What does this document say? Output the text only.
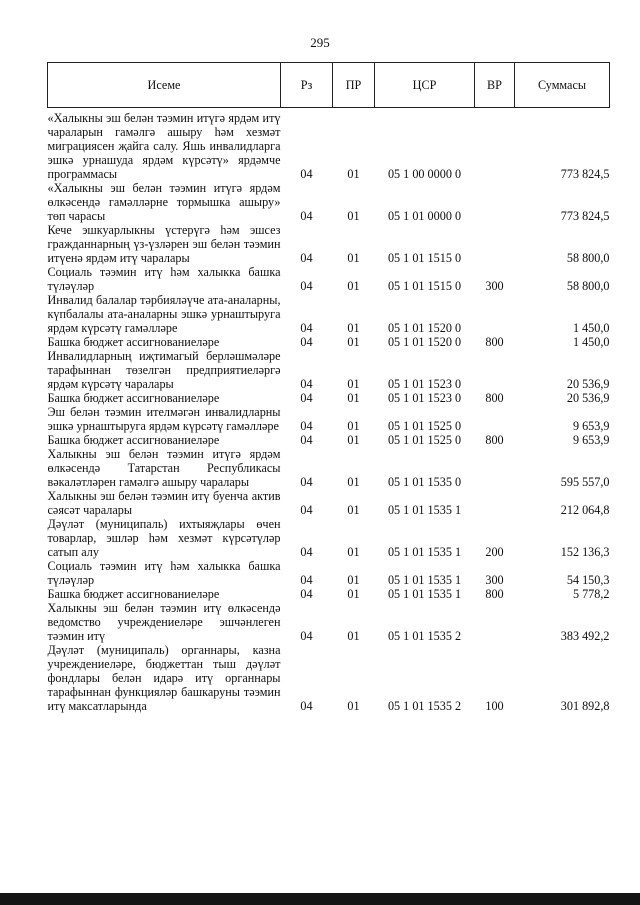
295
Исеме	Рз	ПР	ЦСР	ВР	Суммасы
«Халыкны эш белән тәэмин итүгә ярдәм итү чараларын гамәлгә ашыру һәм хезмәт миграциясен җайга салу. Яшь инвалидларга эшкә урнашуда ярдәм күрсәтү» ярдәмче программасы	04	01	05 1 00 0000 0		773 824,5
«Халыкны эш белән тәэмин итүгә ярдәм өлкәсендә гамәлләрне тормышка ашыру» төп чарасы	04	01	05 1 01 0000 0		773 824,5
Кече эшкуарлыкны үстерүгә һәм эшсез гражданнарның үз-үзләрен эш белән тәэмин итүенә ярдәм итү чаралары	04	01	05 1 01 1515 0		58 800,0
Социаль тәэмин итү һәм халыкка башка түләүләр	04	01	05 1 01 1515 0	300	58 800,0
Инвалид балалар тәрбияләүче ата-аналарны, күпбалалы ата-аналарны эшкә урнаштыруга ярдәм күрсәтү гамәлләре	04	01	05 1 01 1520 0		1 450,0
Башка бюджет ассигнованиеләре	04	01	05 1 01 1520 0	800	1 450,0
Инвалидларның иҗтимагый берләшмәләре тарафыннан төзелгән предприятиеләргә ярдәм күрсәтү чаралары	04	01	05 1 01 1523 0		20 536,9
Башка бюджет ассигнованиеләре	04	01	05 1 01 1523 0	800	20 536,9
Эш белән тәэмин ителмәгән инвалидларны эшкә урнаштыруга ярдәм күрсәтү гамәлләре	04	01	05 1 01 1525 0		9 653,9
Башка бюджет ассигнованиеләре	04	01	05 1 01 1525 0	800	9 653,9
Халыкны эш белән тәэмин итүгә ярдәм өлкәсендә Татарстан Республикасы вәкаләтләрен гамәлгә ашыру чаралары	04	01	05 1 01 1535 0		595 557,0
Халыкны эш белән тәэмин итү буенча актив сәясәт чаралары	04	01	05 1 01 1535 1		212 064,8
Дәүләт (муниципаль) ихтыяҗлары өчен товарлар, эшләр һәм хезмәт күрсәтүләр сатып алу	04	01	05 1 01 1535 1	200	152 136,3
Социаль тәэмин итү һәм халыкка башка түләүләр	04	01	05 1 01 1535 1	300	54 150,3
Башка бюджет ассигнованиеләре	04	01	05 1 01 1535 1	800	5 778,2
Халыкны эш белән тәэмин итү өлкәсендә ведомство учреждениеләре эшчәнлеген тәэмин итү	04	01	05 1 01 1535 2		383 492,2
Дәүләт (муниципаль) органнары, казна учреждениеләре, бюджеттан тыш дәүләт фондлары белән идарә итү органнары тарафыннан функцияләр башкаруны тәэмин итү максатларында	04	01	05 1 01 1535 2	100	301 892,8
